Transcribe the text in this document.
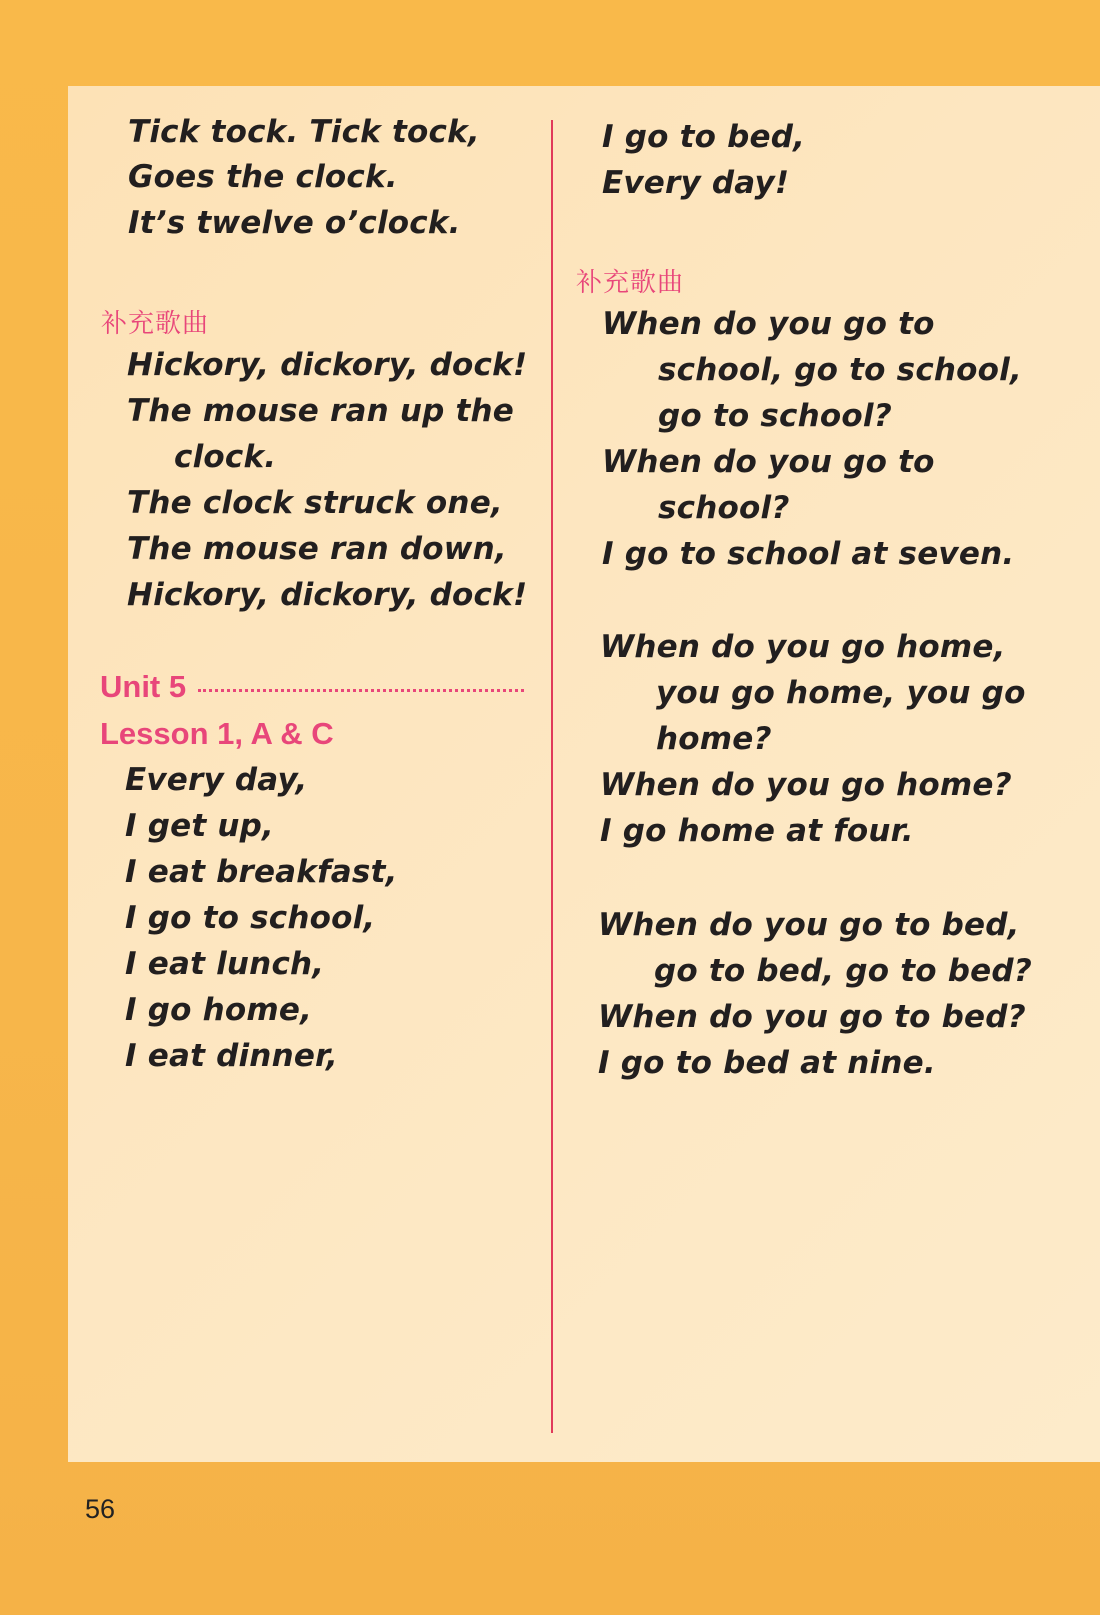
Tick tock. Tick tock,
Goes the clock.
It’s twelve o’clock.
补充歌曲
Hickory, dickory, dock!
The mouse ran up the
clock.
The clock struck one,
The mouse ran down,
Hickory, dickory, dock!
Unit 5
Lesson 1, A & C
Every day,
I get up,
I eat breakfast,
I go to school,
I eat lunch,
I go home,
I eat dinner,
I go to bed,
Every day!
补充歌曲
When do you go to
school, go to school,
go to school?
When do you go to
school?
I go to school at seven.
When do you go home,
you go home, you go
home?
When do you go home?
I go home at four.
When do you go to bed,
go to bed, go to bed?
When do you go to bed?
I go to bed at nine.
56
